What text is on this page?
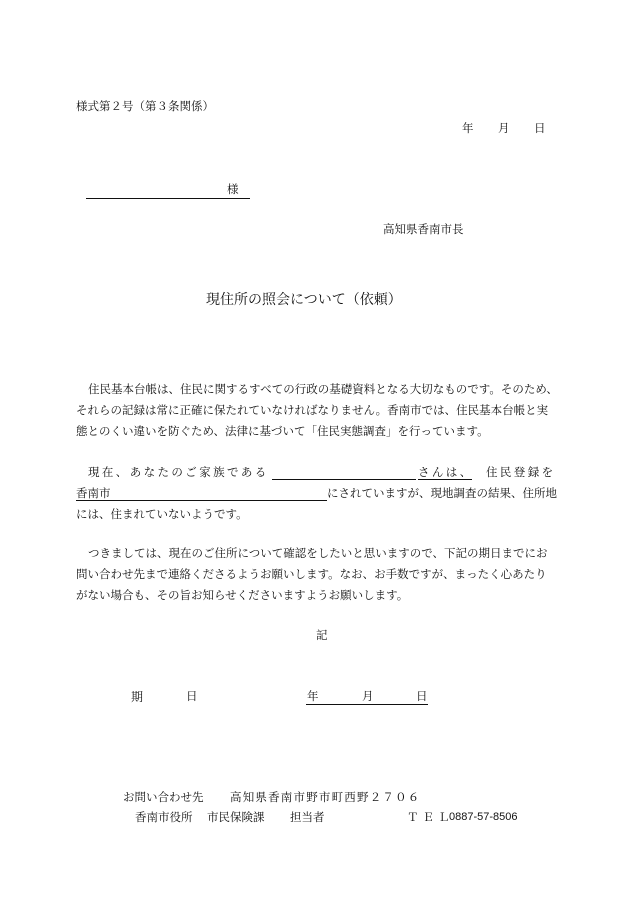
様式第２号（第３条関係）
年 月 日
様
高知県香南市長
現住所の照会について（依頼）
住民基本台帳は、住民に関するすべての行政の基礎資料となる大切なものです。そのため、それらの記録は常に正確に保たれていなければなりません。香南市では、住民基本台帳と実態とのくい違いを防ぐため、法律に基づいて「住民実態調査」を行っています。
現在、あなたのご家族である	さんは、 住民登録を
香南市	にされていますが、現地調査の結果、住所地には、住まれていないようです。
つきましては、現在のご住所について確認をしたいと思いますので、下記の期日までにお問い合わせ先まで連絡くださるようお願いします。なお、お手数ですが、まったく心あたりがない場合も、その旨お知らせくださいますようお願いします。
記
期	日	年	月	日
お問い合わせ先 高知県香南市野市町西野２７０６
香南市役所 市民保険課 担当者	ＴＥＬ
0887-57-8506
